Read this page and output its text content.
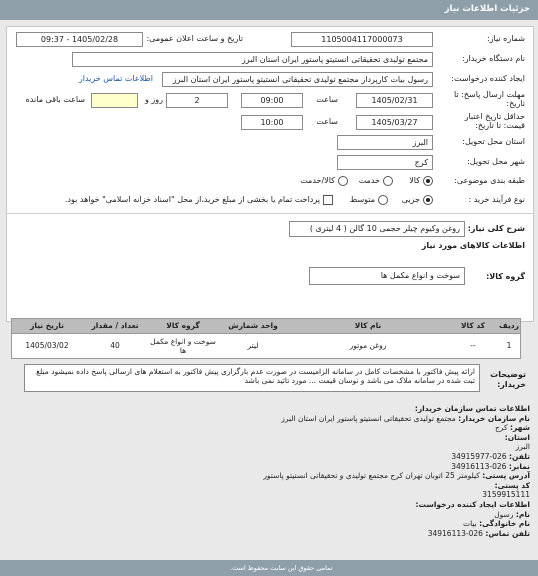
جزئیات اطلاعات نیاز
شماره نیاز:
1105004117000073
تاریخ و ساعت اعلان عمومی:
1405/02/28 - 09:37
نام دستگاه خریدار:
مجتمع تولیدی تحقیقاتی انستیتو پاستور ایران استان البرز
ایجاد کننده درخواست:
رسول بیات کارپرداز مجتمع تولیدی تحقیقاتی انستیتو پاستور ایران استان البرز
اطلاعات تماس خریدار
مهلت ارسال پاسخ: تا تاریخ:
1405/02/31
ساعت
09:00
2
روز و
ساعت باقی مانده
حداقل تاریخ اعتبار قیمت: تا تاریخ:
1405/03/27
ساعت
10:00
استان محل تحویل:
البرز
شهر محل تحویل:
کرج
طبقه بندی موضوعی:
کالا
خدمت
کالا/خدمت
نوع فرآیند خرید :
جزیی
متوسط
پرداخت تمام یا بخشی از مبلغ خرید،از محل "اسناد خزانه اسلامی" خواهد بود.
شرح کلی نیاز:
روغن وکیوم چیلر حجمی 10 گالن ( 4 لیتری )
اطلاعات کالاهای مورد نیاز
گروه کالا:
سوخت و انواع مکمل ها
ردیف
کد کالا
نام کالا
واحد شمارش
گروه کالا
تعداد / مقدار
تاریخ نیاز
1
--
روغن موتور
لیتر
سوخت و انواع مکمل ها
40
1405/03/02
توضیحات خریدار:
ارائه پیش فاکتور با مشخصات کامل در سامانه الزامیست در صورت عدم بارگزاری پیش فاکتور به استعلام های ارسالی پاسخ داده نمیشود مبلغ ثبت شده در سامانه ملاک می باشد و نوسان قیمت ... مورد تائید نمی باشد
اطلاعات تماس سازمان خریدار:
نام سازمان خریدار: مجتمع تولیدی تحقیقاتی انستیتو پاستور ایران استان البرز
شهر: کرج
استان:
البرز
تلفن: 026-34915977
نمابر: 026-34916113
آدرس پستی: کیلومتر 25 اتوبان تهران کرج مجتمع تولیدی و تحقیقاتی انستیتو پاستور
کد پستی:
3159915111
اطلاعات ایجاد کننده درخواست:
نام: رسول
نام خانوادگی: بیات
تلفن تماس: 026-34916113
تمامی حقوق این سایت محفوظ است.
